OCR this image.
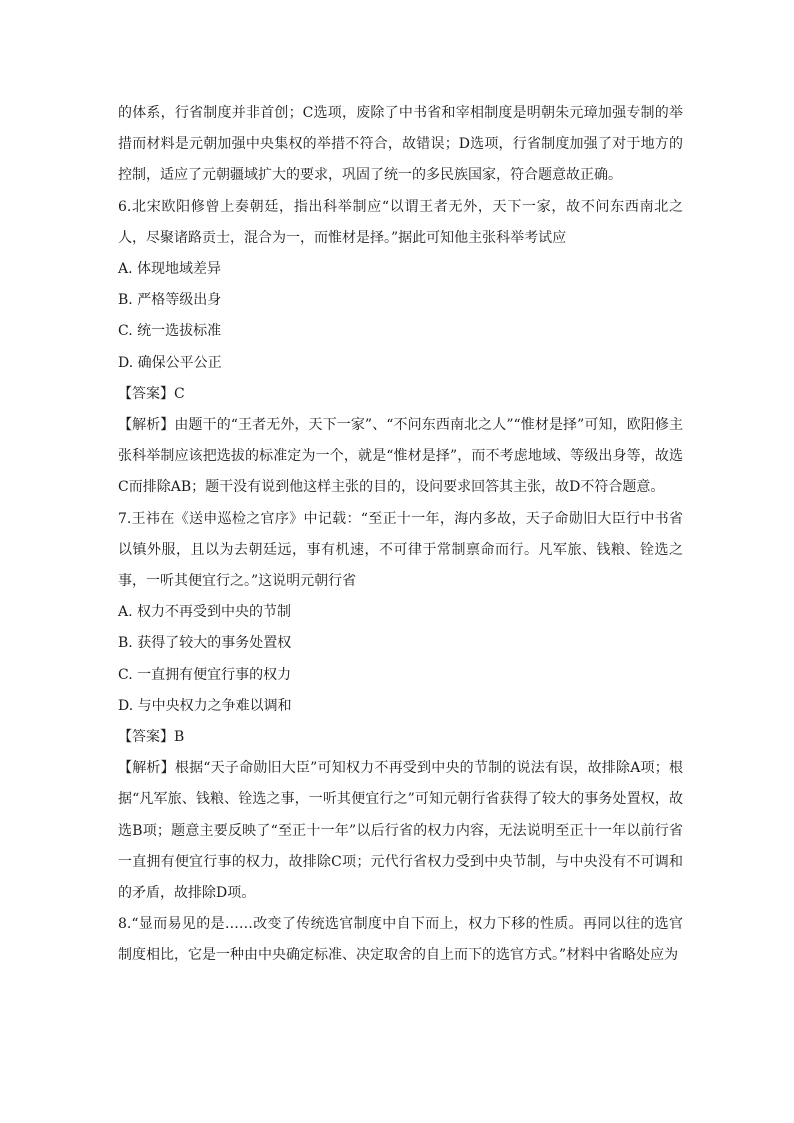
的体系，行省制度并非首创；C选项，废除了中书省和宰相制度是明朝朱元璋加强专制的举措而材料是元朝加强中央集权的举措不符合，故错误；D选项，行省制度加强了对于地方的控制，适应了元朝疆域扩大的要求，巩固了统一的多民族国家，符合题意故正确。

6.北宋欧阳修曾上奏朝廷，指出科举制应“以谓王者无外，天下一家，故不问东西南北之人，尽聚诸路贡士，混合为一，而惟材是择。”据此可知他主张科举考试应

A. 体现地域差异

B. 严格等级出身

C. 统一选拔标准

D. 确保公平公正

【答案】C

【解析】由题干的“王者无外，天下一家”、“不问东西南北之人”“惟材是择”可知，欧阳修主张科举制应该把选拔的标准定为一个，就是“惟材是择”，而不考虑地域、等级出身等，故选C而排除AB；题干没有说到他这样主张的目的，设问要求回答其主张，故D不符合题意。

7.王祎在《送申巡检之官序》中记载：“至正十一年，海内多故，天子命勋旧大臣行中书省以镇外服，且以为去朝廷远，事有机速，不可律于常制禀命而行。凡军旅、钱粮、铨选之事，一听其便宜行之。”这说明元朝行省

A. 权力不再受到中央的节制

B. 获得了较大的事务处置权

C. 一直拥有便宜行事的权力

D. 与中央权力之争难以调和

【答案】B

【解析】根据“天子命勋旧大臣”可知权力不再受到中央的节制的说法有误，故排除A项；根据“凡军旅、钱粮、铨选之事，一听其便宜行之”可知元朝行省获得了较大的事务处置权，故选B项；题意主要反映了“至正十一年”以后行省的权力内容，无法说明至正十一年以前行省一直拥有便宜行事的权力，故排除C项；元代行省权力受到中央节制，与中央没有不可调和的矛盾，故排除D项。

8.“显而易见的是……改变了传统选官制度中自下而上，权力下移的性质。再同以往的选官制度相比，它是一种由中央确定标准、决定取舍的自上而下的选官方式。”材料中省略处应为
